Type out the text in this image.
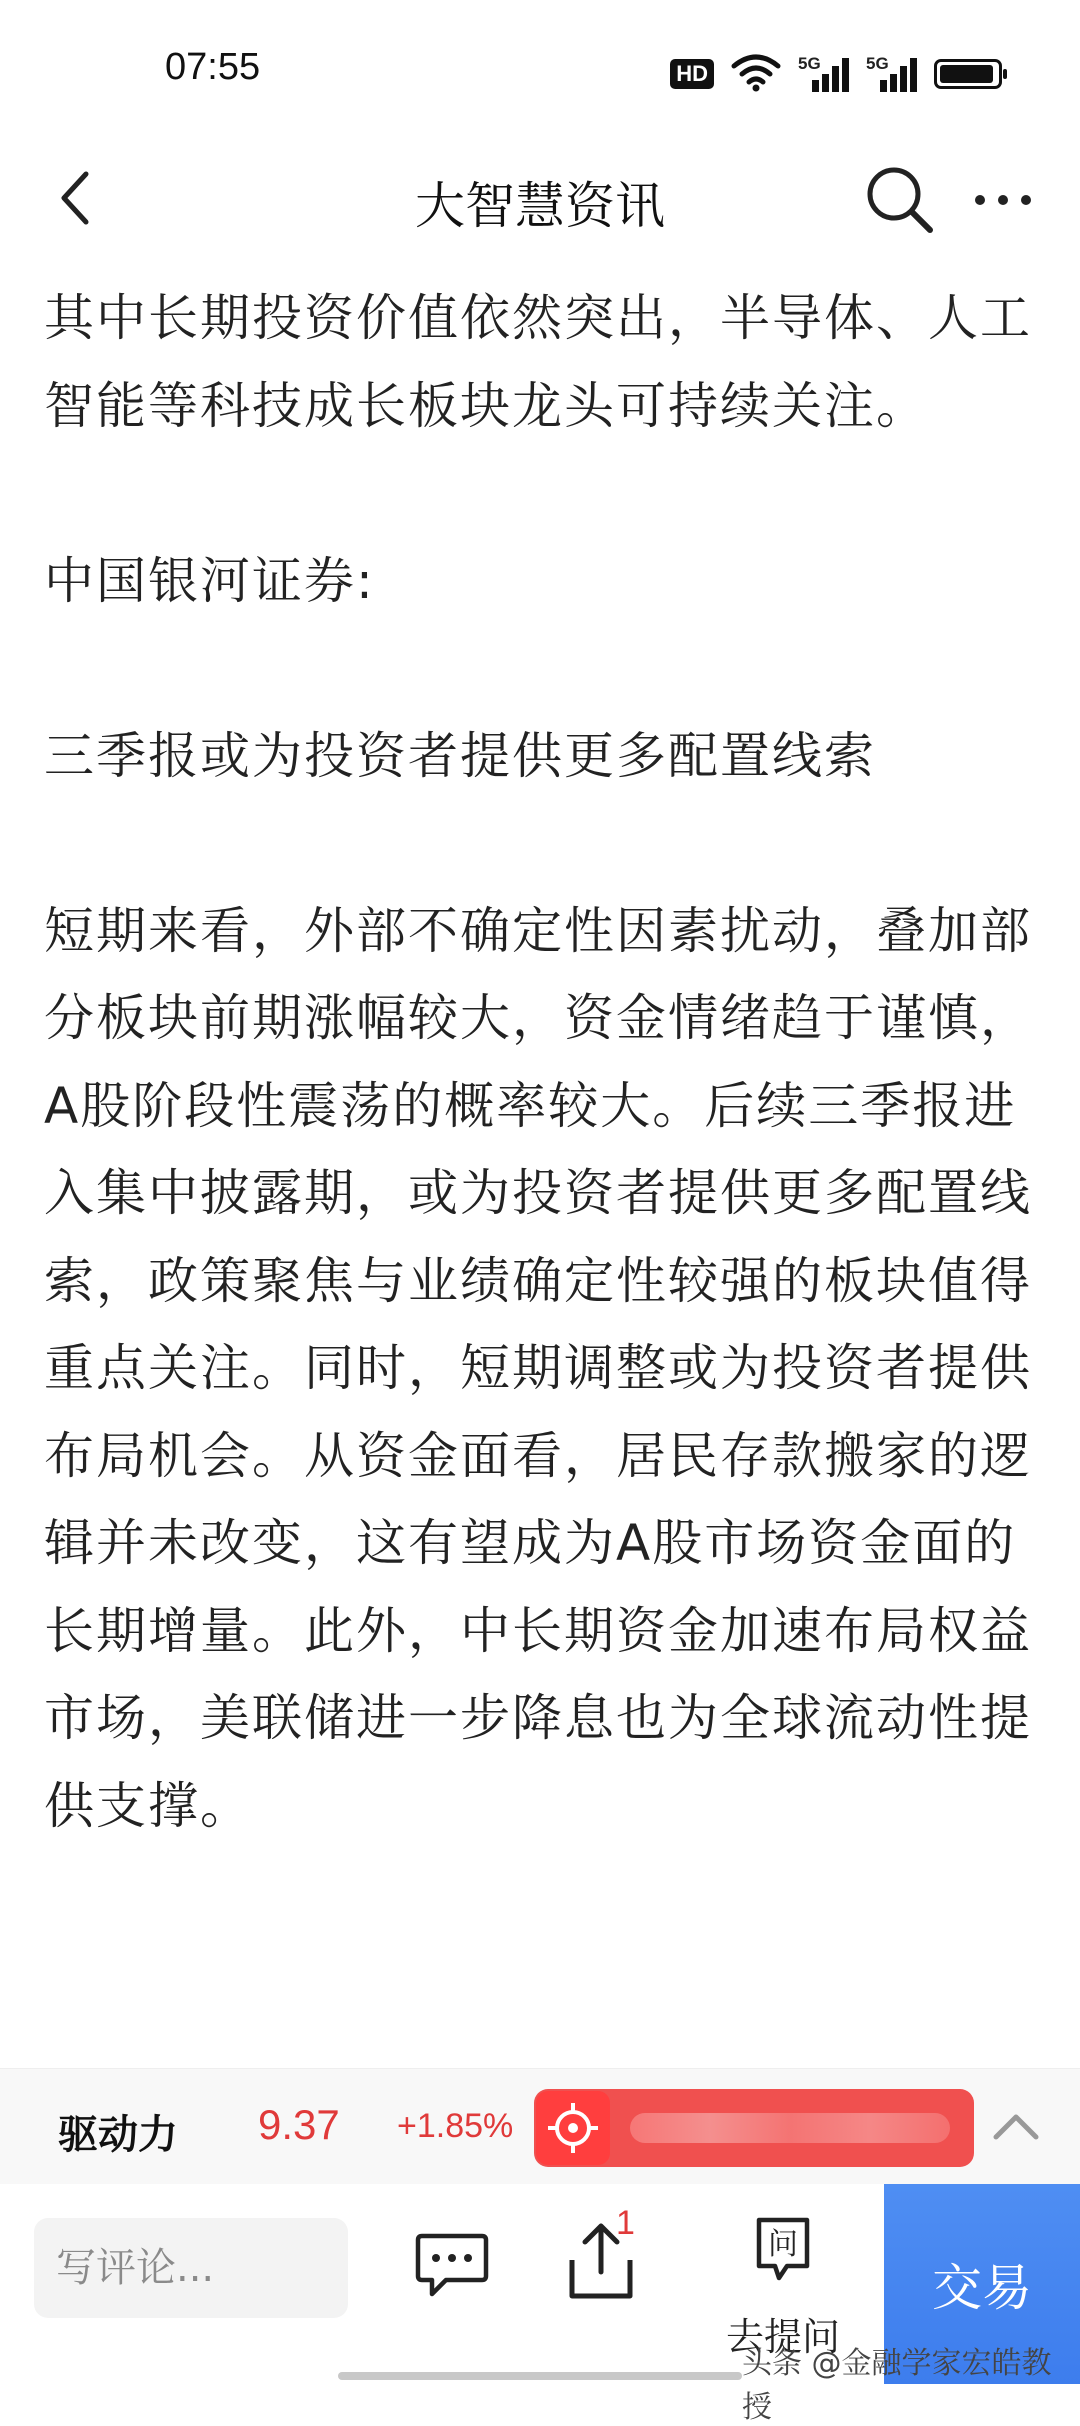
07:55	HD	5G	5G
大智慧资讯

其中长期投资价值依然突出，半导体、人工智能等科技成长板块龙头可持续关注。

中国银河证券:

三季报或为投资者提供更多配置线索

短期来看，外部不确定性因素扰动，叠加部分板块前期涨幅较大，资金情绪趋于谨慎，A股阶段性震荡的概率较大。后续三季报进入集中披露期，或为投资者提供更多配置线索，政策聚焦与业绩确定性较强的板块值得重点关注。同时，短期调整或为投资者提供布局机会。从资金面看，居民存款搬家的逻辑并未改变，这有望成为A股市场资金面的长期增量。此外，中长期资金加速布局权益市场，美联储进一步降息也为全球流动性提供支撑。

驱动力 9.37 +1.85%
写评论...
1
问
去提问
交易
头条 @金融学家宏皓教授
